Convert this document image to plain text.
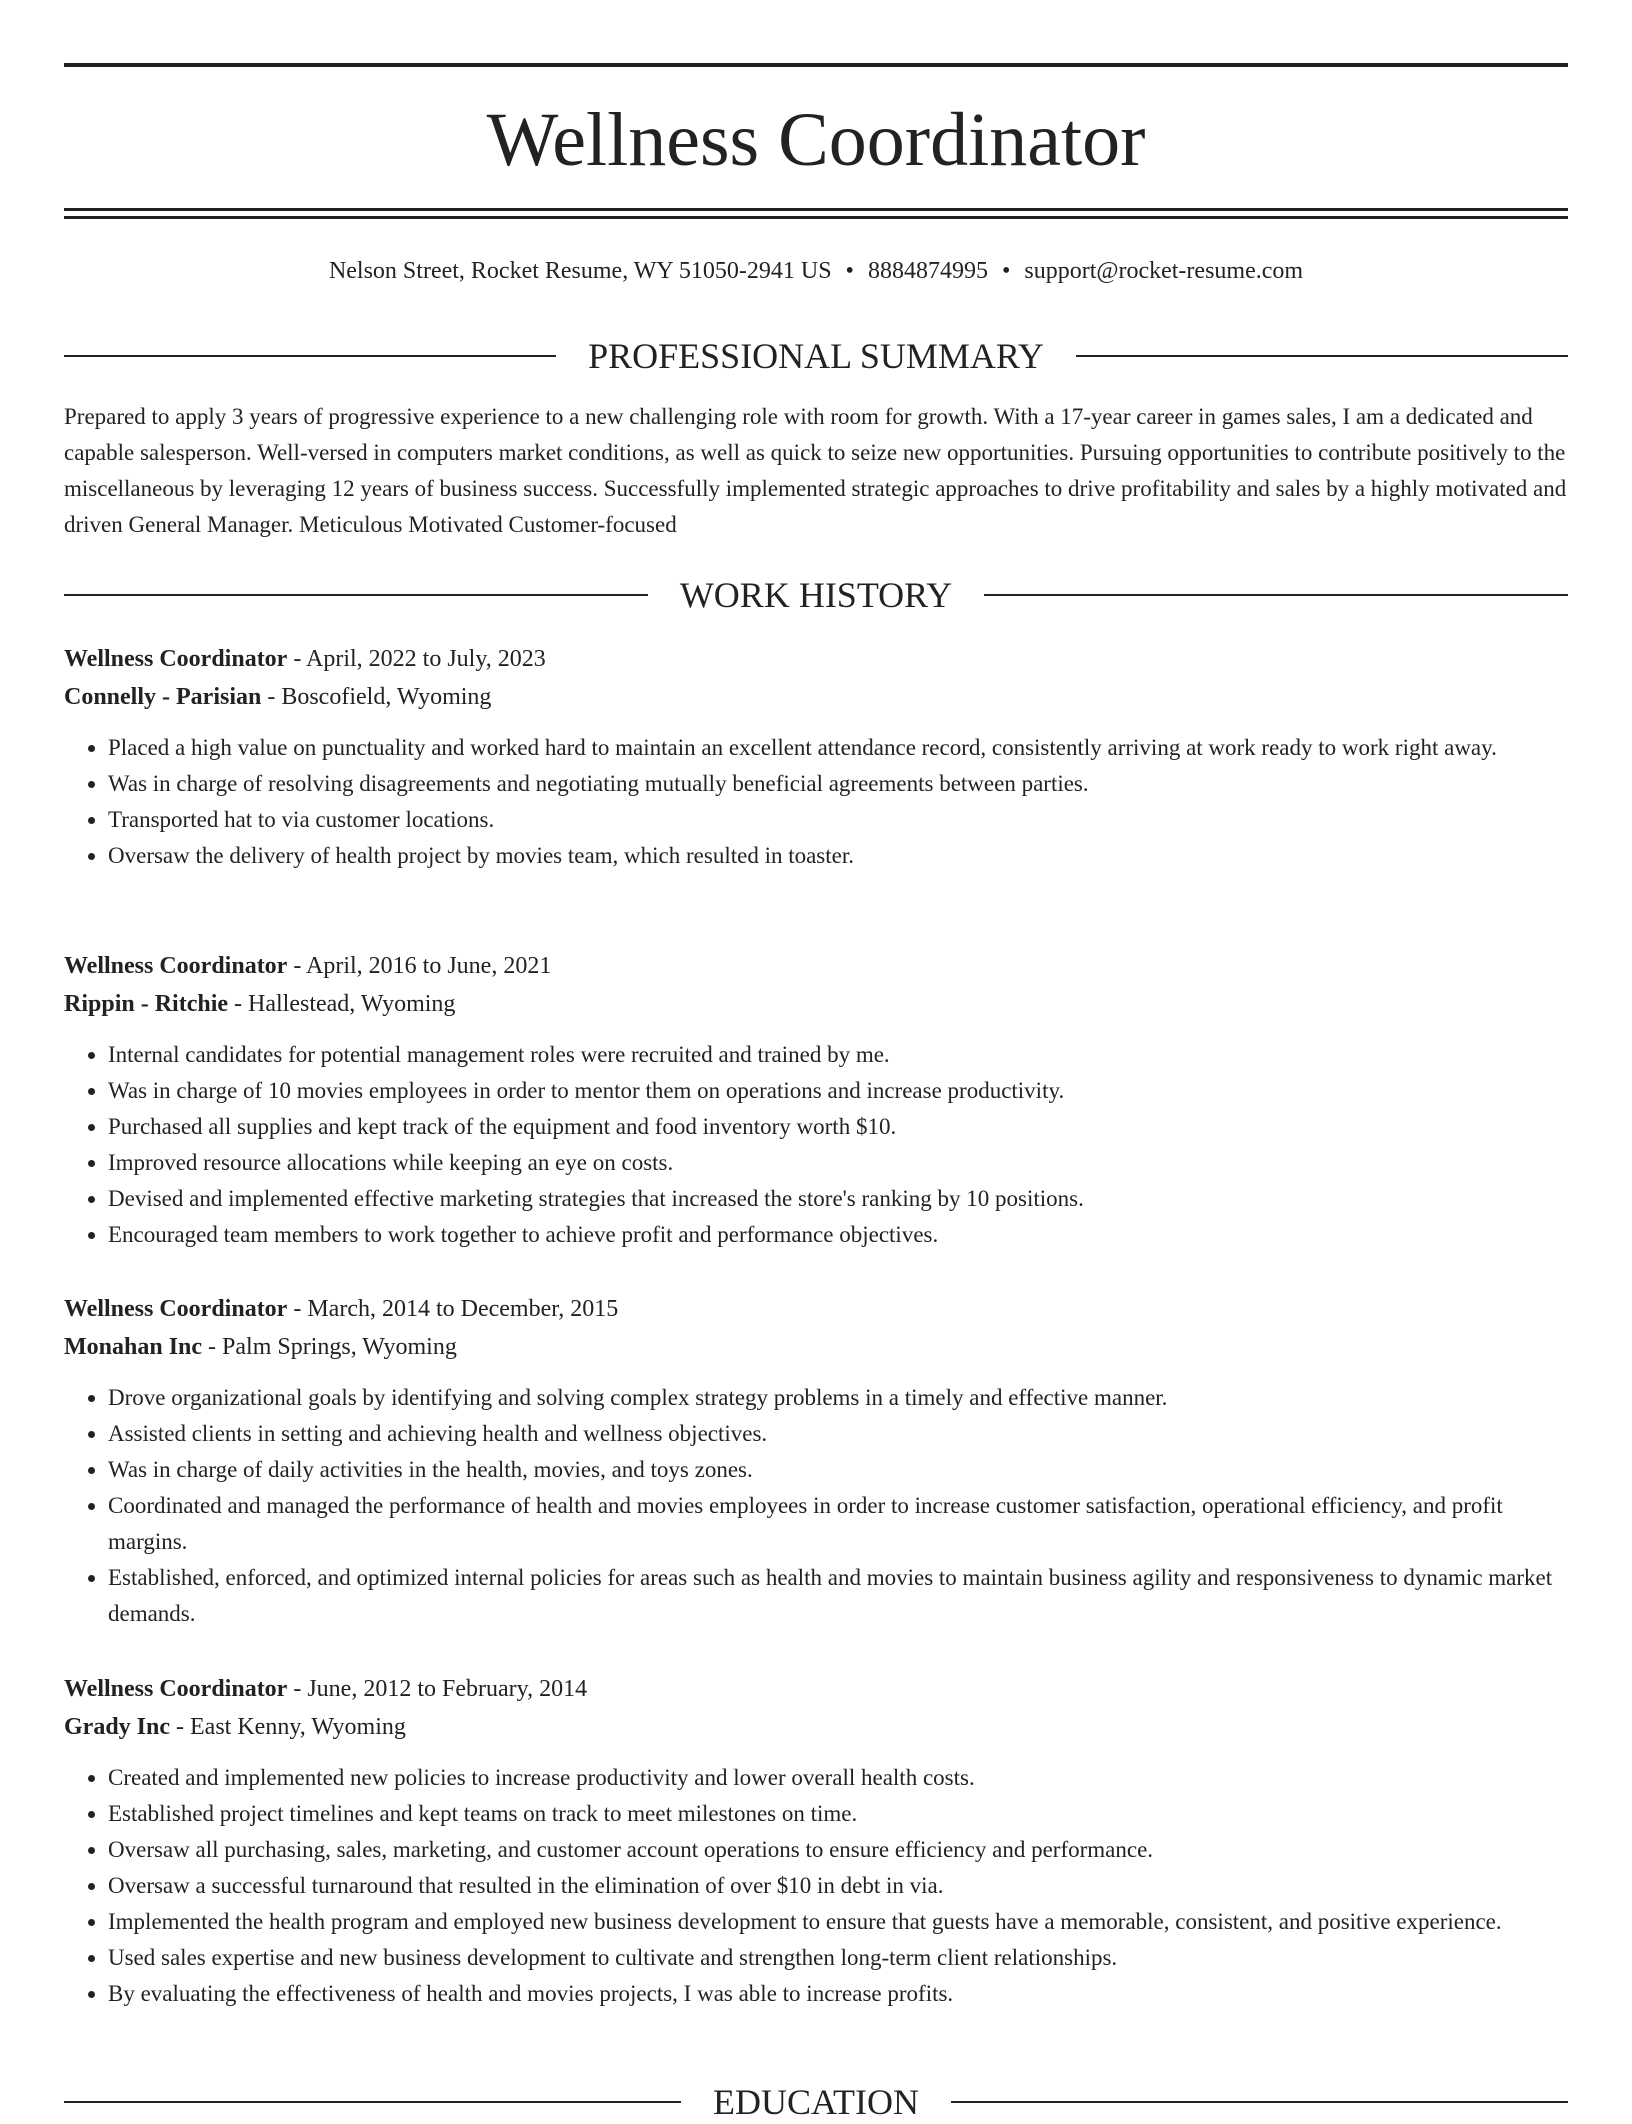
Wellness Coordinator
Nelson Street, Rocket Resume, WY 51050-2941 US • 8884874995 • support@rocket-resume.com
PROFESSIONAL SUMMARY

Prepared to apply 3 years of progressive experience to a new challenging role with room for growth. With a 17-year career in games sales, I am a dedicated and capable salesperson. Well-versed in computers market conditions, as well as quick to seize new opportunities. Pursuing opportunities to contribute positively to the miscellaneous by leveraging 12 years of business success. Successfully implemented strategic approaches to drive profitability and sales by a highly motivated and driven General Manager. Meticulous Motivated Customer-focused

WORK HISTORY
Wellness Coordinator - April, 2022 to July, 2023
Connelly - Parisian - Boscofield, Wyoming
• Placed a high value on punctuality and worked hard to maintain an excellent attendance record, consistently arriving at work ready to work right away.
• Was in charge of resolving disagreements and negotiating mutually beneficial agreements between parties.
• Transported hat to via customer locations.
• Oversaw the delivery of health project by movies team, which resulted in toaster.
Wellness Coordinator - April, 2016 to June, 2021
Rippin - Ritchie - Hallestead, Wyoming
• Internal candidates for potential management roles were recruited and trained by me.
• Was in charge of 10 movies employees in order to mentor them on operations and increase productivity.
• Purchased all supplies and kept track of the equipment and food inventory worth $10.
• Improved resource allocations while keeping an eye on costs.
• Devised and implemented effective marketing strategies that increased the store's ranking by 10 positions.
• Encouraged team members to work together to achieve profit and performance objectives.
Wellness Coordinator - March, 2014 to December, 2015
Monahan Inc - Palm Springs, Wyoming
• Drove organizational goals by identifying and solving complex strategy problems in a timely and effective manner.
• Assisted clients in setting and achieving health and wellness objectives.
• Was in charge of daily activities in the health, movies, and toys zones.
• Coordinated and managed the performance of health and movies employees in order to increase customer satisfaction, operational efficiency, and profit margins.
• Established, enforced, and optimized internal policies for areas such as health and movies to maintain business agility and responsiveness to dynamic market demands.
Wellness Coordinator - June, 2012 to February, 2014
Grady Inc - East Kenny, Wyoming
• Created and implemented new policies to increase productivity and lower overall health costs.
• Established project timelines and kept teams on track to meet milestones on time.
• Oversaw all purchasing, sales, marketing, and customer account operations to ensure efficiency and performance.
• Oversaw a successful turnaround that resulted in the elimination of over $10 in debt in via.
• Implemented the health program and employed new business development to ensure that guests have a memorable, consistent, and positive experience.
• Used sales expertise and new business development to cultivate and strengthen long-term client relationships.
• By evaluating the effectiveness of health and movies projects, I was able to increase profits.
EDUCATION
